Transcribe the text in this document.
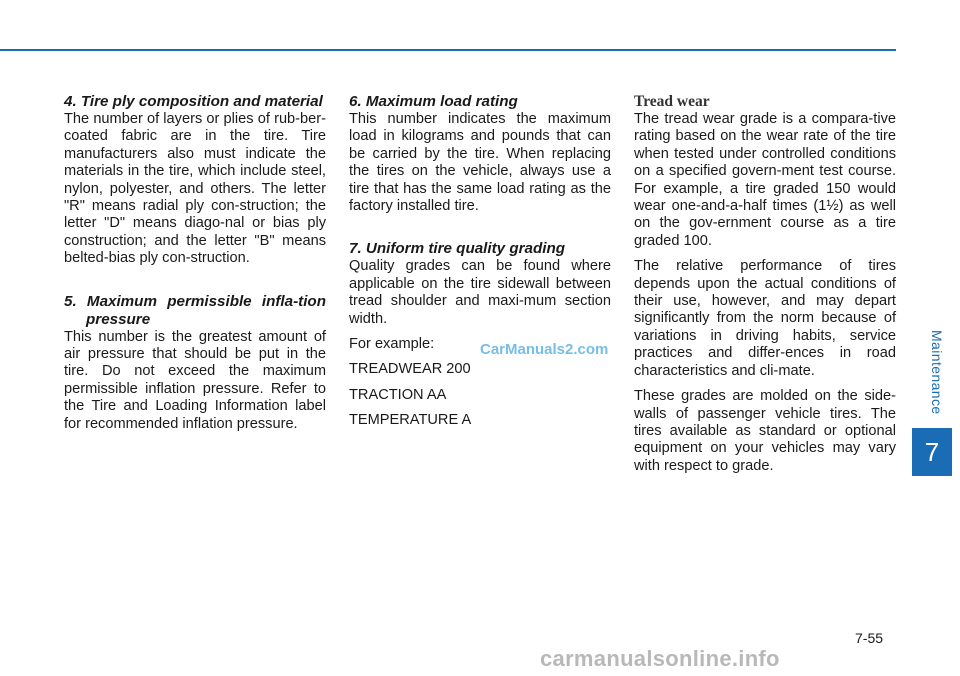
4. Tire ply composition and material

The number of layers or plies of rub-ber-coated fabric are in the tire. Tire manufacturers also must indicate the materials in the tire, which include steel, nylon, polyester, and others. The letter "R" means radial ply con-struction; the letter "D" means diago-nal or bias ply construction; and the letter "B" means belted-bias ply con-struction.

5. Maximum permissible infla-tion pressure

This number is the greatest amount of air pressure that should be put in the tire. Do not exceed the maximum permissible inflation pressure. Refer to the Tire and Loading Information label for recommended inflation pressure.

6. Maximum load rating

This number indicates the maximum load in kilograms and pounds that can be carried by the tire. When replacing the tires on the vehicle, always use a tire that has the same load rating as the factory installed tire.

7. Uniform tire quality grading

Quality grades can be found where applicable on the tire sidewall between tread shoulder and maxi-mum section width.

For example:

TREADWEAR 200

TRACTION AA

TEMPERATURE A

Tread wear

The tread wear grade is a compara-tive rating based on the wear rate of the tire when tested under controlled conditions on a specified govern-ment test course. For example, a tire graded 150 would wear one-and-a-half times (1½) as well on the gov-ernment course as a tire graded 100.

The relative performance of tires depends upon the actual conditions of their use, however, and may depart significantly from the norm because of variations in driving habits, service practices and differ-ences in road characteristics and cli-mate.

These grades are molded on the side-walls of passenger vehicle tires. The tires available as standard or optional equipment on your vehicles may vary with respect to grade.

Maintenance
7
7-55
CarManuals2.com
carmanualsonline.info
